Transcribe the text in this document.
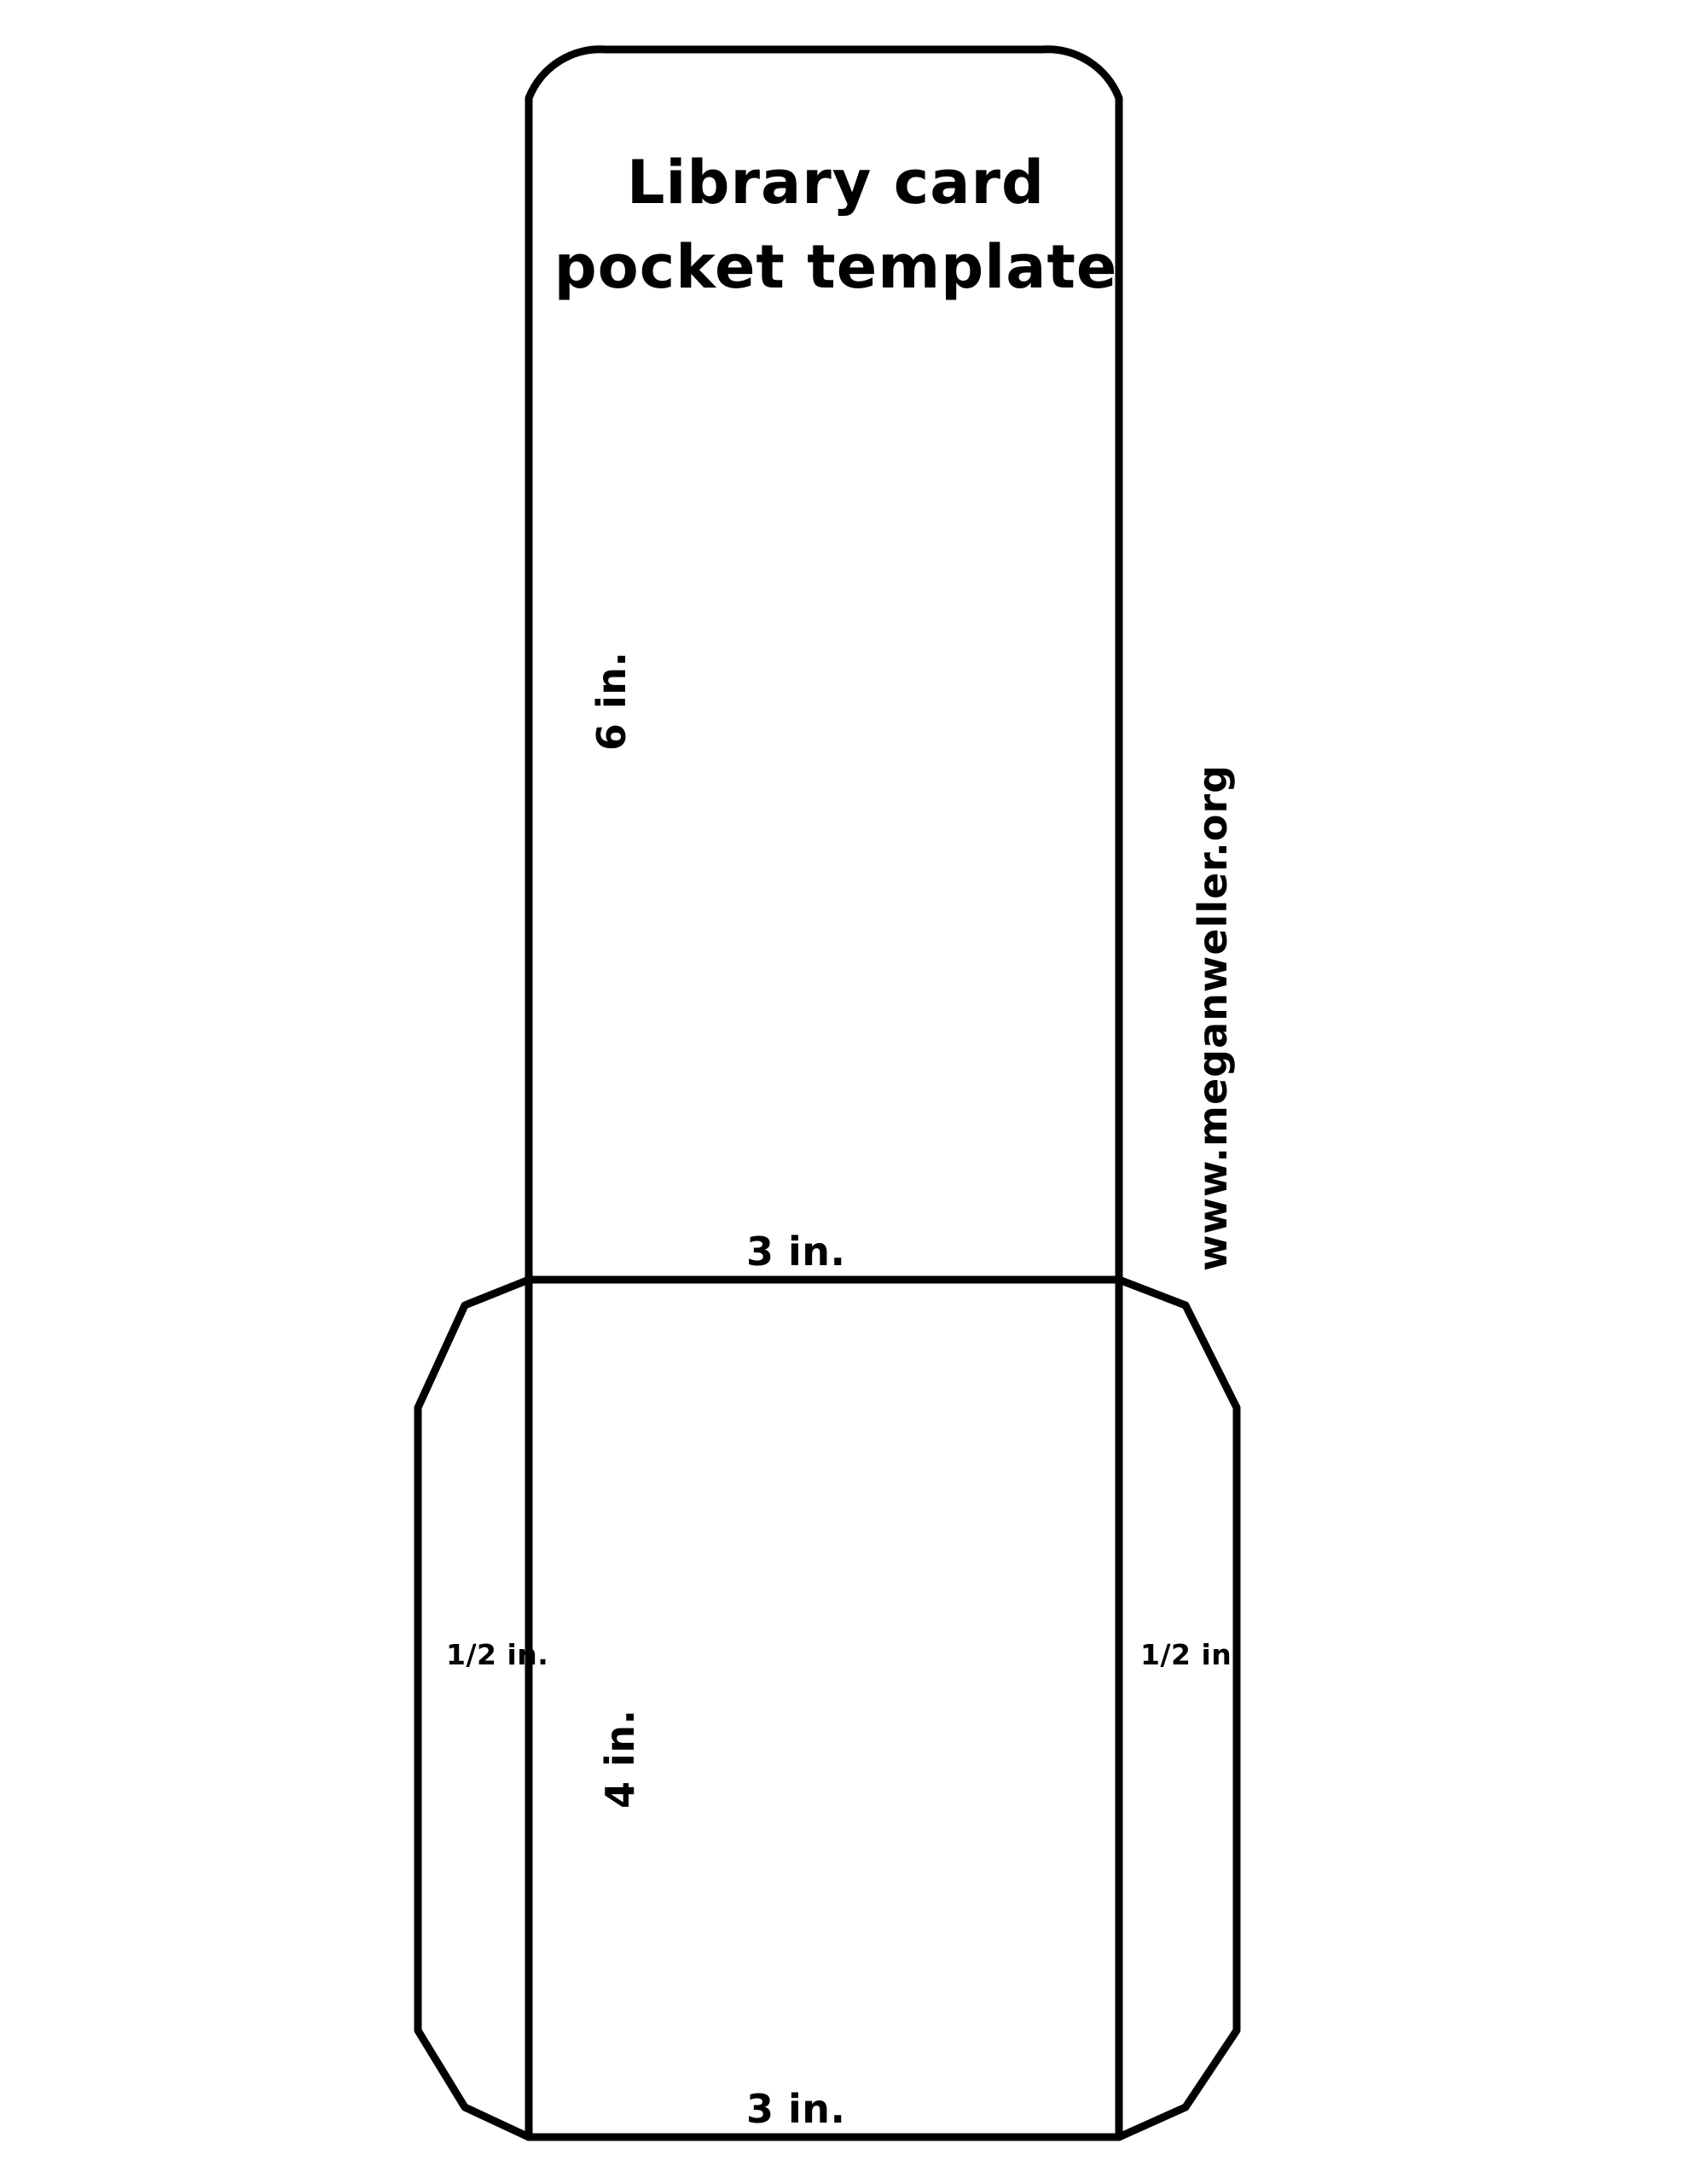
Library card
pocket template
6 in.
3 in.
3 in.
4 in.
1/2 in.	1/2 in.
www.meganweller.org
